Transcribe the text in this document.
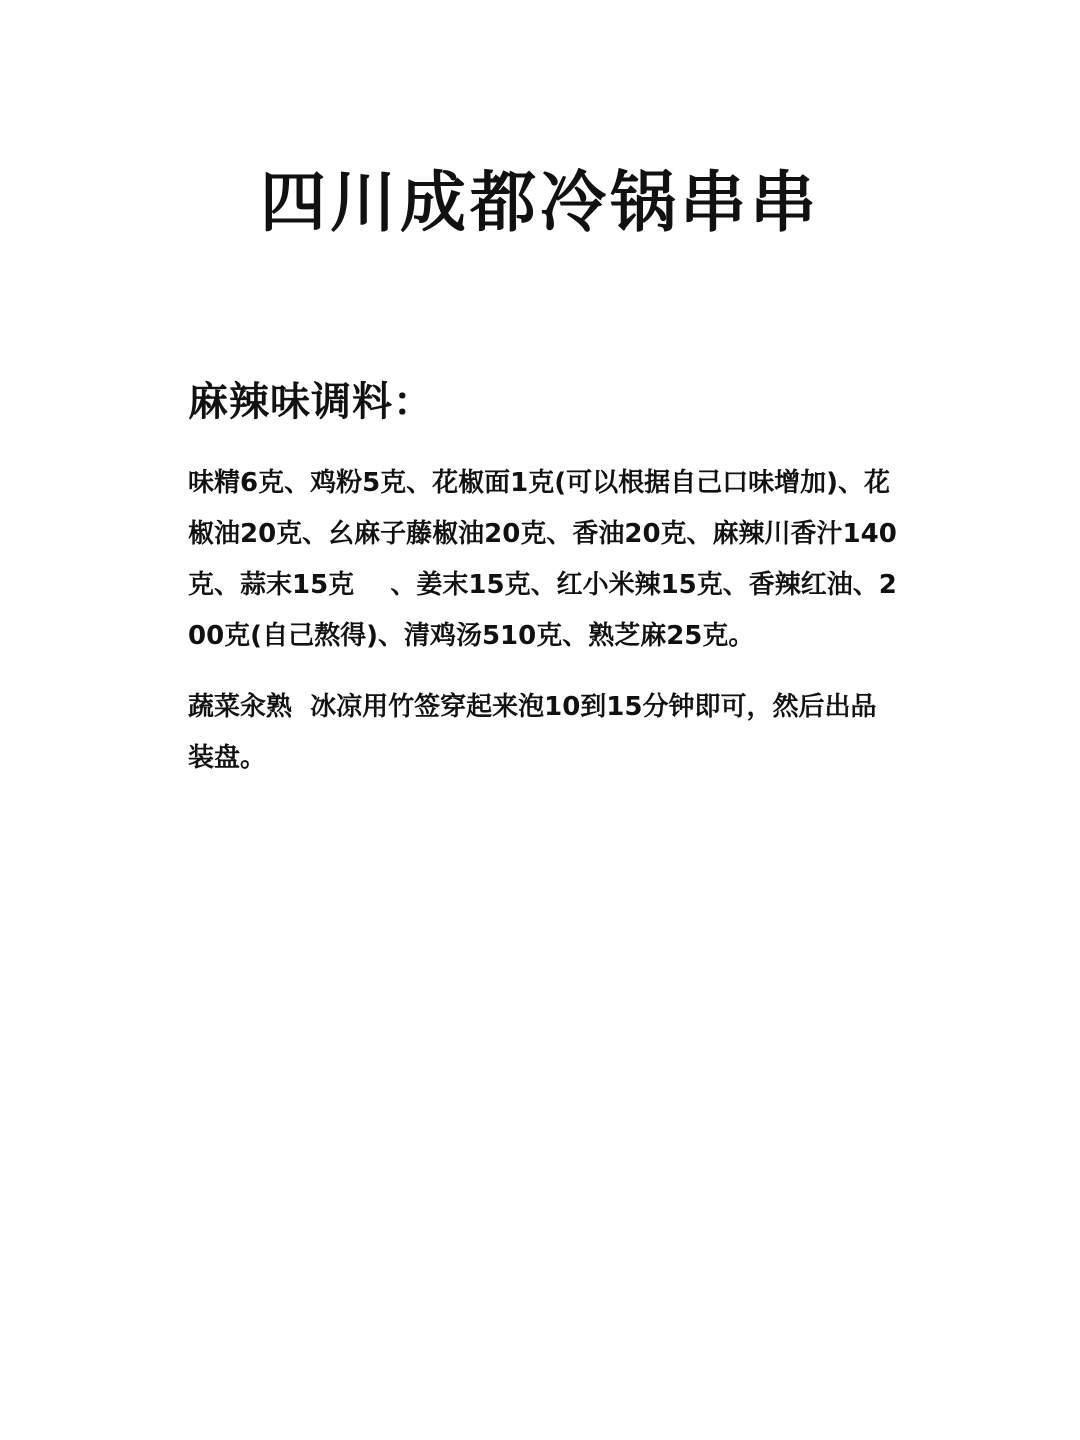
四川成都冷锅串串
麻辣味调料：
味精6克、鸡粉5克、花椒面1克(可以根据自己口味增加)、花椒油20克、幺麻子藤椒油20克、香油20克、麻辣川香汁140克、蒜末15克    、姜末15克、红小米辣15克、香辣红油、200克(自己熬得)、清鸡汤510克、熟芝麻25克。
蔬菜汆熟  冰凉用竹签穿起来泡10到15分钟即可，然后出品装盘。
